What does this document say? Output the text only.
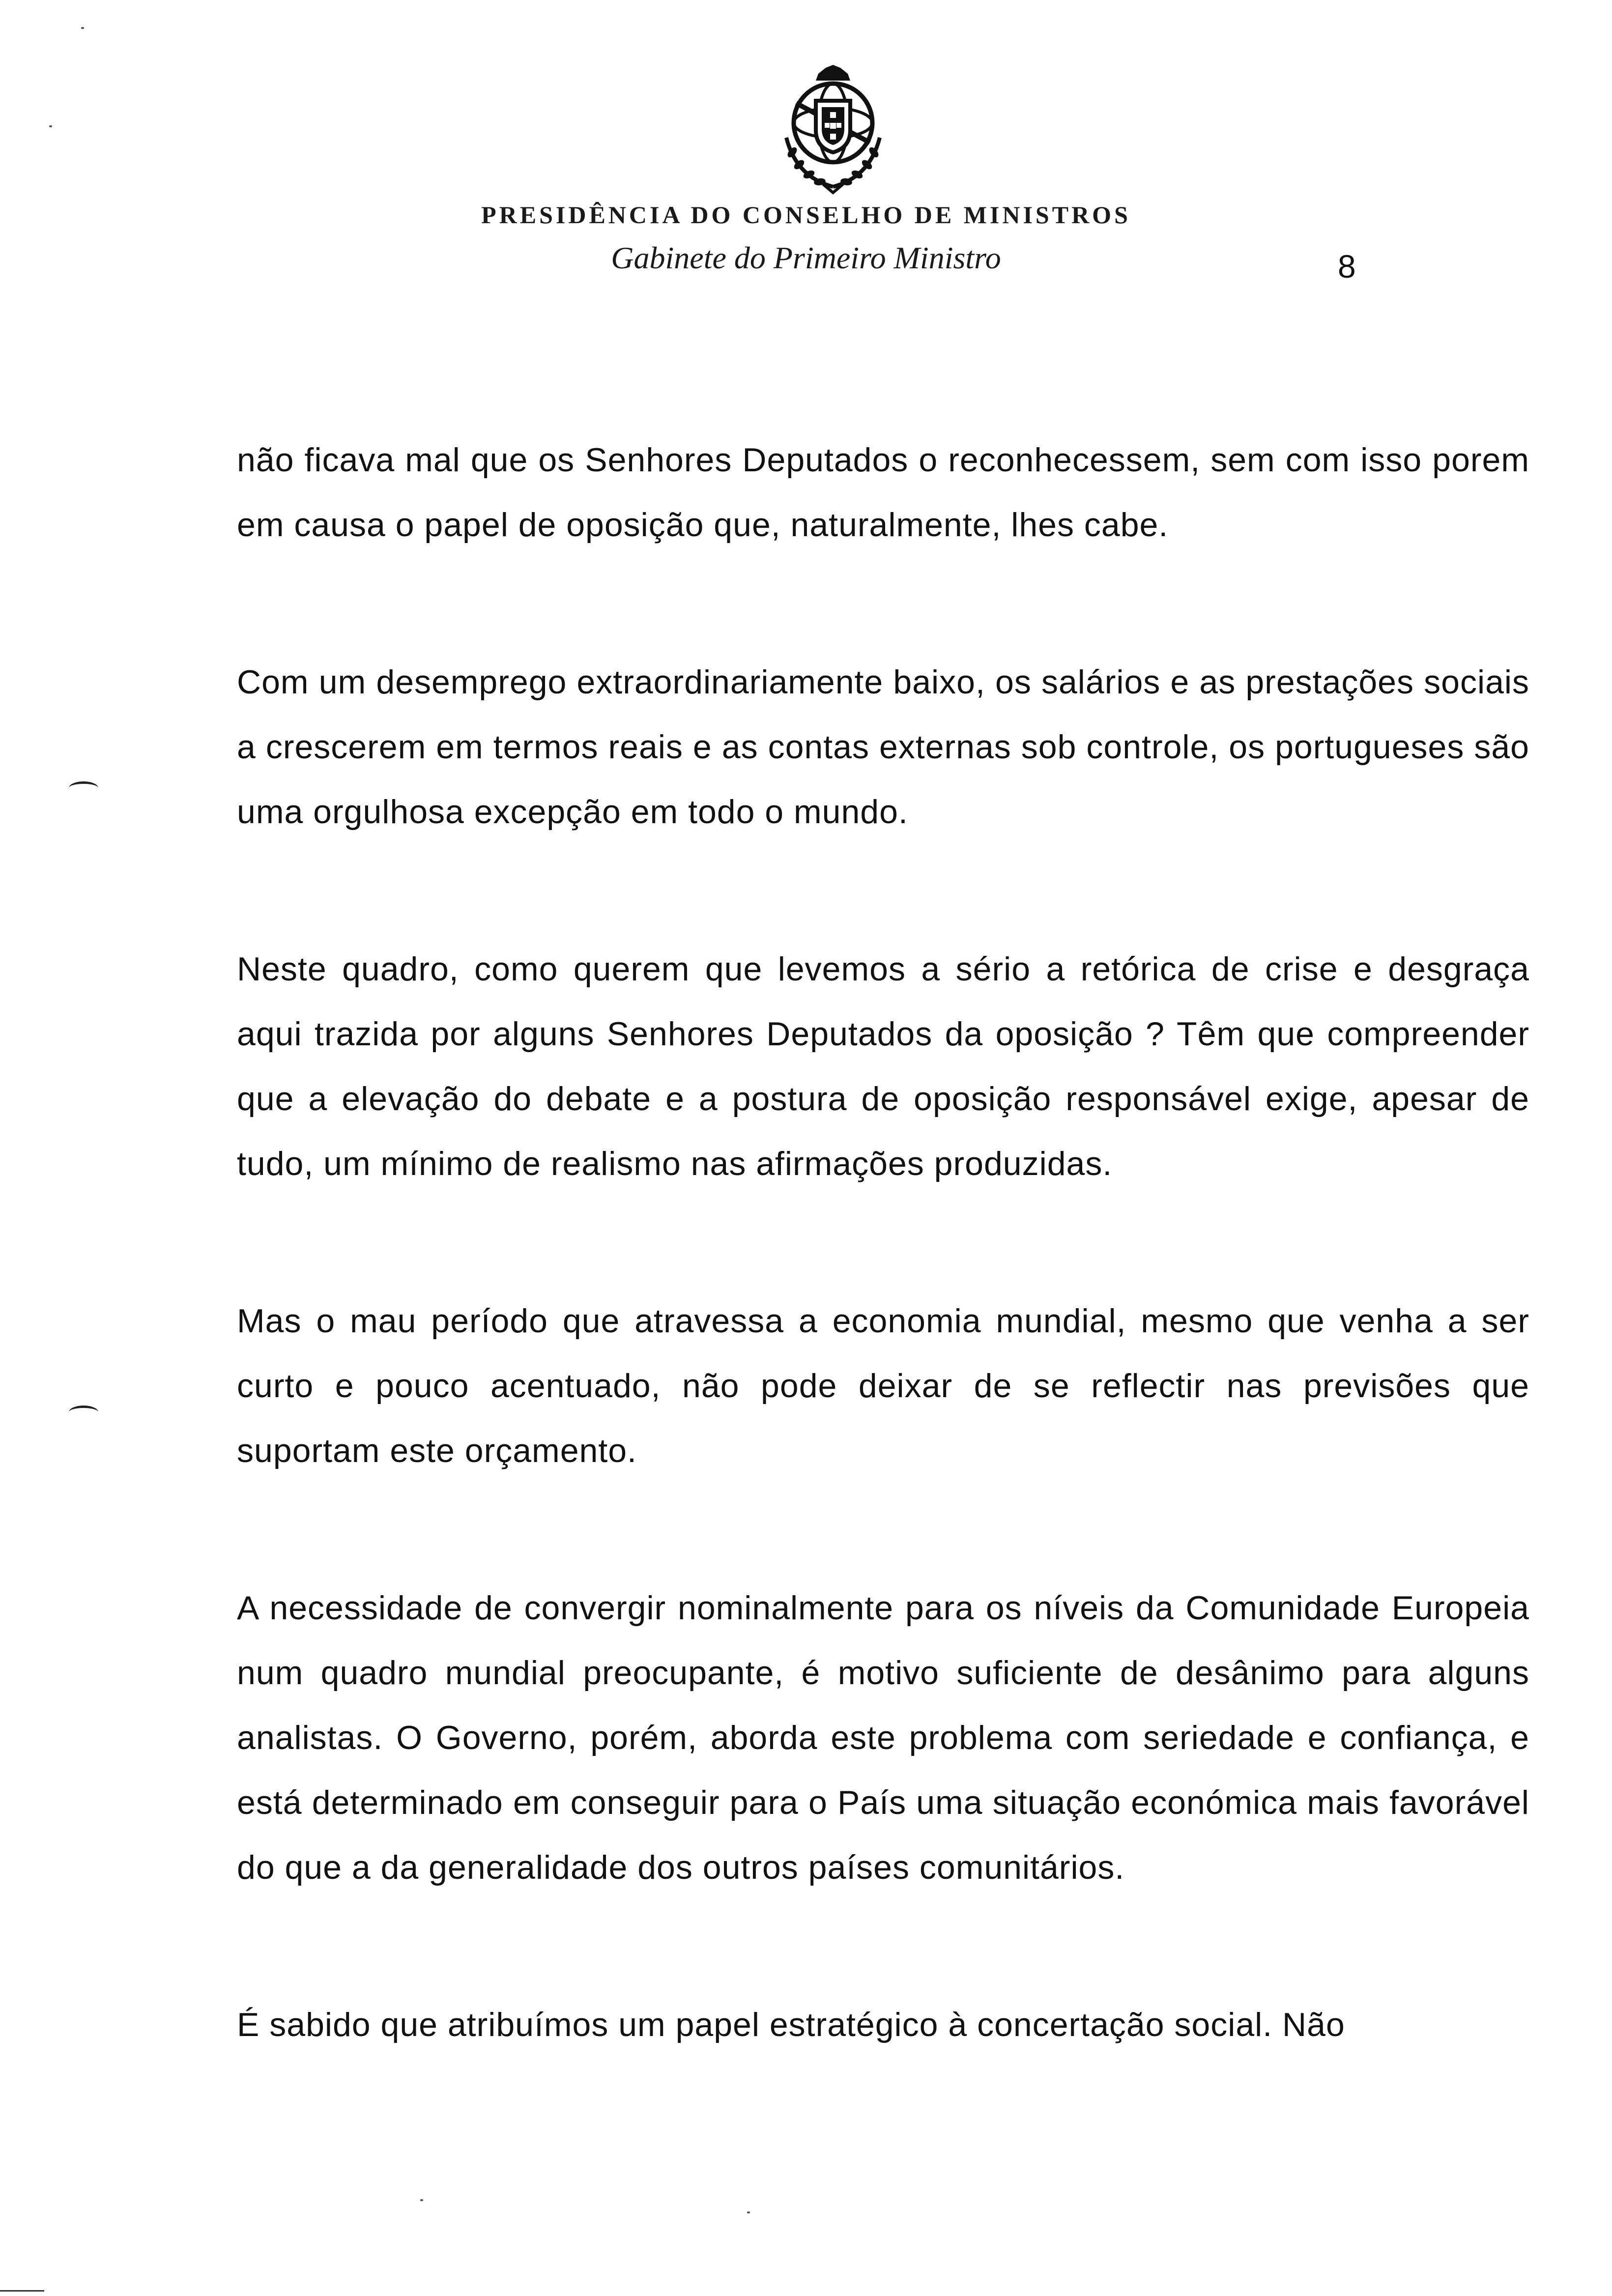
PRESIDÊNCIA DO CONSELHO DE MINISTROS
Gabinete do Primeiro Ministro	8

não ficava mal que os Senhores Deputados o reconhecessem, sem com isso porem em causa o papel de oposição que, naturalmente, lhes cabe.

Com um desemprego extraordinariamente baixo, os salários e as prestações sociais a crescerem em termos reais e as contas externas sob controle, os portugueses são uma orgulhosa excepção em todo o mundo.

Neste quadro, como querem que levemos a sério a retórica de crise e desgraça aqui trazida por alguns Senhores Deputados da oposição ? Têm que compreender que a elevação do debate e a postura de oposição responsável exige, apesar de tudo, um mínimo de realismo nas afirmações produzidas.

Mas o mau período que atravessa a economia mundial, mesmo que venha a ser curto e pouco acentuado, não pode deixar de se reflectir nas previsões que suportam este orçamento.

A necessidade de convergir nominalmente para os níveis da Comunidade Europeia num quadro mundial preocupante, é motivo suficiente de desânimo para alguns analistas. O Governo, porém, aborda este problema com seriedade e confiança, e está determinado em conseguir para o País uma situação económica mais favorável do que a da generalidade dos outros países comunitários.

É sabido que atribuímos um papel estratégico à concertação social. Não
